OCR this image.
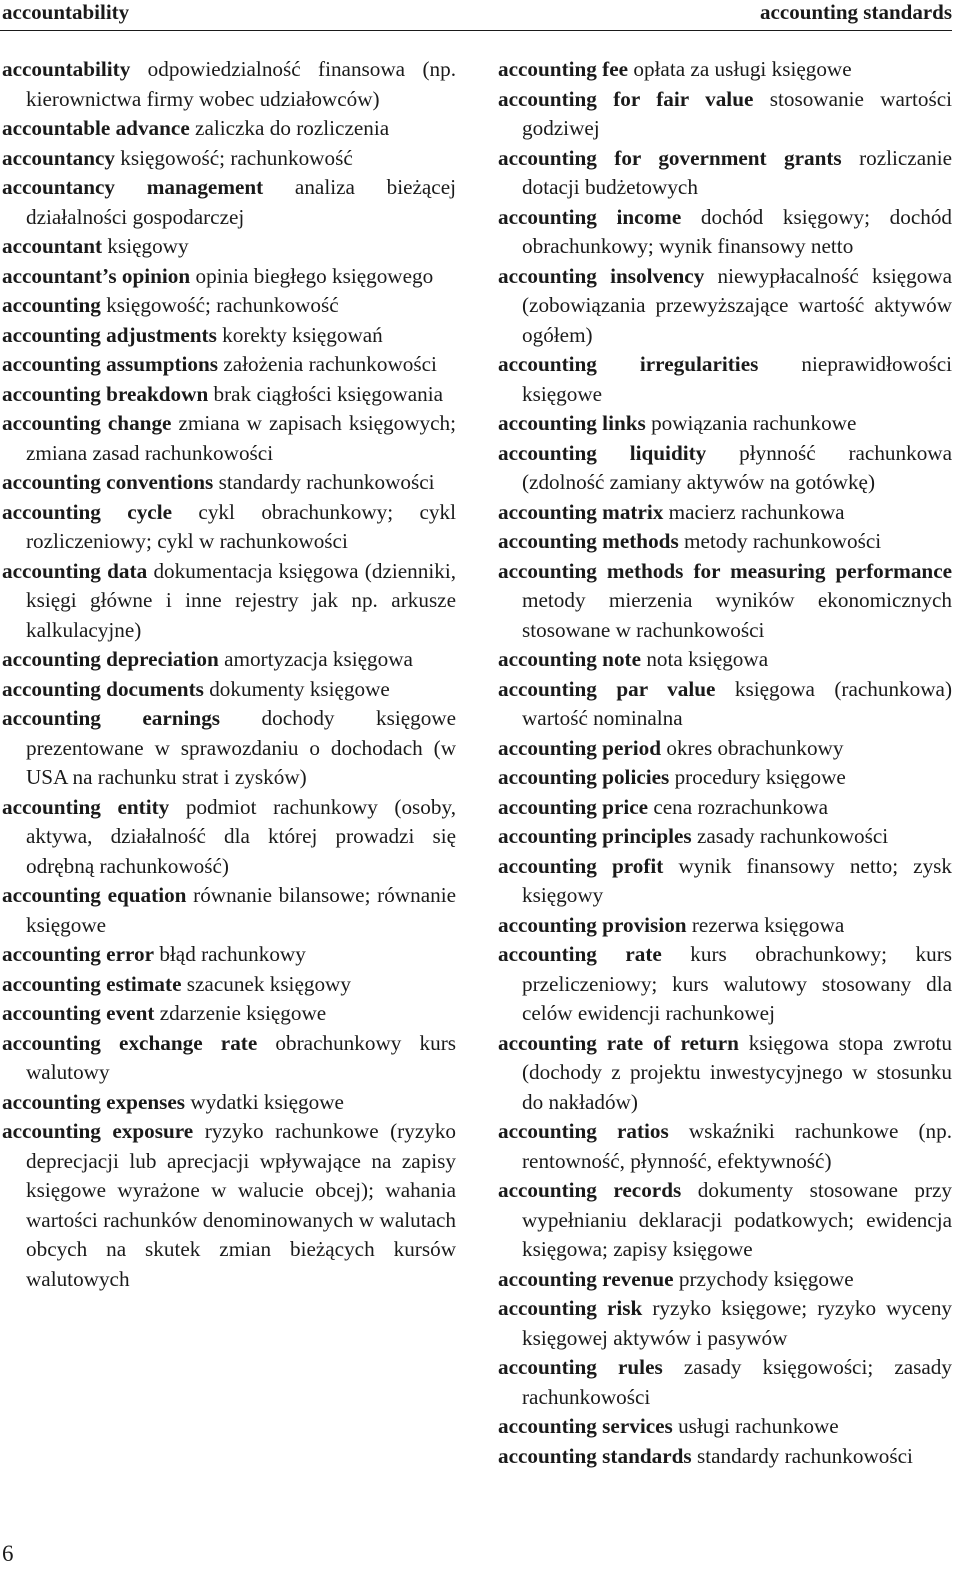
accountability	accounting standards
accountability odpowiedzialność finansowa (np. kierownictwa firmy wobec udziałowców)
accountable advance zaliczka do rozliczenia
accountancy księgowość; rachunkowość
accountancy management analiza bieżącej działalności gospodarczej
accountant księgowy
accountant’s opinion opinia biegłego księgowego
accounting księgowość; rachunkowość
accounting adjustments korekty księgowań
accounting assumptions założenia rachunkowości
accounting breakdown brak ciągłości księgowania
accounting change zmiana w zapisach księgowych; zmiana zasad rachunkowości
accounting conventions standardy rachunkowości
accounting cycle cykl obrachunkowy; cykl rozliczeniowy; cykl w rachunkowości
accounting data dokumentacja księgowa (dzienniki, księgi główne i inne rejestry jak np. arkusze kalkulacyjne)
accounting depreciation amortyzacja księgowa
accounting documents dokumenty księgowe
accounting earnings dochody księgowe prezentowane w sprawozdaniu o dochodach (w USA na rachunku strat i zysków)
accounting entity podmiot rachunkowy (osoby, aktywa, działalność dla której prowadzi się odrębną rachunkowość)
accounting equation równanie bilansowe; równanie księgowe
accounting error błąd rachunkowy
accounting estimate szacunek księgowy
accounting event zdarzenie księgowe
accounting exchange rate obrachunkowy kurs walutowy
accounting expenses wydatki księgowe
accounting exposure ryzyko rachunkowe (ryzyko deprecjacji lub aprecjacji wpływające na zapisy księgowe wyrażone w walucie obcej); wahania wartości rachunków denominowanych w walutach obcych na skutek zmian bieżących kursów walutowych
accounting fee opłata za usługi księgowe
accounting for fair value stosowanie wartości godziwej
accounting for government grants rozliczanie dotacji budżetowych
accounting income dochód księgowy; dochód obrachunkowy; wynik finansowy netto
accounting insolvency niewypłacalność księgowa (zobowiązania przewyższające wartość aktywów ogółem)
accounting irregularities nieprawidłowości księgowe
accounting links powiązania rachunkowe
accounting liquidity płynność rachunkowa (zdolność zamiany aktywów na gotówkę)
accounting matrix macierz rachunkowa
accounting methods metody rachunkowości
accounting methods for measuring performance metody mierzenia wyników ekonomicznych stosowane w rachunkowości
accounting note nota księgowa
accounting par value księgowa (rachunkowa) wartość nominalna
accounting period okres obrachunkowy
accounting policies procedury księgowe
accounting price cena rozrachunkowa
accounting principles zasady rachunkowości
accounting profit wynik finansowy netto; zysk księgowy
accounting provision rezerwa księgowa
accounting rate kurs obrachunkowy; kurs przeliczeniowy; kurs walutowy stosowany dla celów ewidencji rachunkowej
accounting rate of return księgowa stopa zwrotu (dochody z projektu inwestycyjnego w stosunku do nakładów)
accounting ratios wskaźniki rachunkowe (np. rentowność, płynność, efektywność)
accounting records dokumenty stosowane przy wypełnianiu deklaracji podatkowych; ewidencja księgowa; zapisy księgowe
accounting revenue przychody księgowe
accounting risk ryzyko księgowe; ryzyko wyceny księgowej aktywów i pasywów
accounting rules zasady księgowości; zasady rachunkowości
accounting services usługi rachunkowe
accounting standards standardy rachunkowości
6
